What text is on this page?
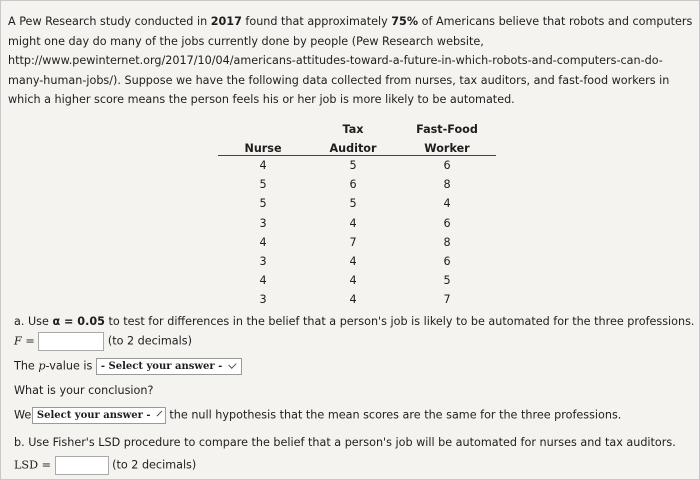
A Pew Research study conducted in 2017 found that approximately 75% of Americans believe that robots and computers might one day do many of the jobs currently done by people (Pew Research website, http://www.pewinternet.org/2017/10/04/americans-attitudes-toward-a-future-in-which-robots-and-computers-can-do-many-human-jobs/). Suppose we have the following data collected from nurses, tax auditors, and fast-food workers in which a higher score means the person feels his or her job is more likely to be automated.

	Tax	Fast-Food
Nurse	Auditor	Worker
4	5	6
5	6	8
5	5	4
3	4	6
4	7	8
3	4	6
4	4	5
3	4	7
a. Use α = 0.05 to test for differences in the belief that a person's job is likely to be automated for the three professions.
F =	(to 2 decimals)
The p-value is - Select your answer -
What is your conclusion?
We Select your answer - the null hypothesis that the mean scores are the same for the three professions.
b. Use Fisher's LSD procedure to compare the belief that a person's job will be automated for nurses and tax auditors.
LSD =	(to 2 decimals)
